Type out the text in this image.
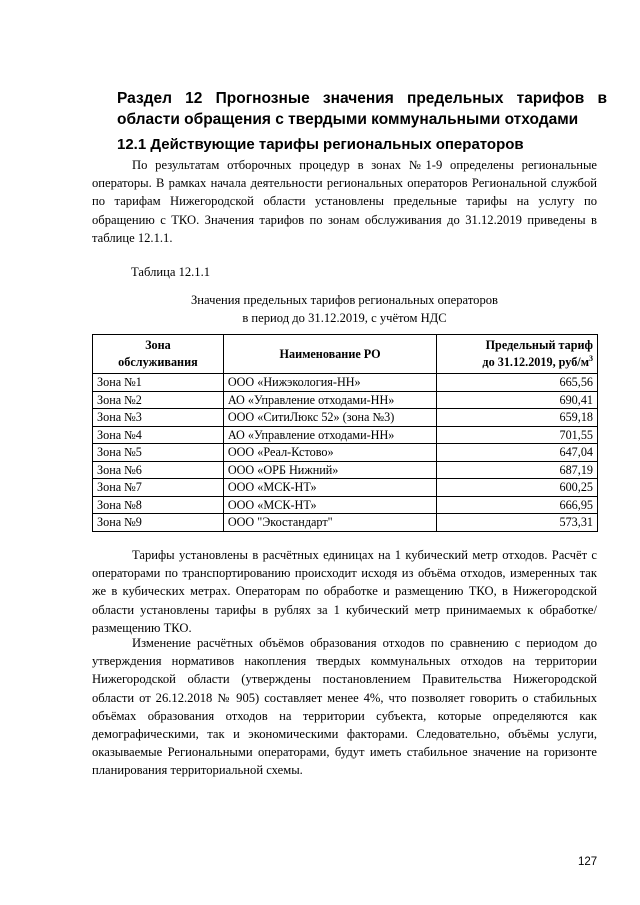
Раздел 12 Прогнозные значения предельных тарифов в области обращения с твердыми коммунальными отходами
12.1 Действующие тарифы региональных операторов

По результатам отборочных процедур в зонах №1-9 определены региональные операторы. В рамках начала деятельности региональных операторов Региональной службой по тарифам Нижегородской области установлены предельные тарифы на услугу по обращению с ТКО. Значения тарифов по зонам обслуживания до 31.12.2019 приведены в таблице 12.1.1.

Таблица 12.1.1
Значения предельных тарифов региональных операторов
в период до 31.12.2019, с учётом НДС
Зона
обслуживания	Наименование РО	Предельный тариф
до 31.12.2019, руб/$м^3$
Зона №1	ООО «Нижэкология-НН»	665,56
Зона №2	АО «Управление отходами-НН»	690,41
Зона №3	ООО «СитиЛюкс 52» (зона №3)	659,18
Зона №4	АО «Управление отходами-НН»	701,55
Зона №5	ООО «Реал-Кстово»	647,04
Зона №6	ООО «ОРБ Нижний»	687,19
Зона №7	ООО «МСК-НТ»	600,25
Зона №8	ООО «МСК-НТ»	666,95
Зона №9	ООО "Экостандарт"	573,31

Тарифы установлены в расчётных единицах на 1 кубический метр отходов. Расчёт с операторами по транспортированию происходит исходя из объёма отходов, измеренных так же в кубических метрах. Операторам по обработке и размещению ТКО, в Нижегородской области установлены тарифы в рублях за 1 кубический метр принимаемых к обработке/размещению ТКО.

Изменение расчётных объёмов образования отходов по сравнению с периодом до утверждения нормативов накопления твердых коммунальных отходов на территории Нижегородской области (утверждены постановлением Правительства Нижегородской области от 26.12.2018 № 905) составляет менее 4%, что позволяет говорить о стабильных объёмах образования отходов на территории субъекта, которые определяются как демографическими, так и экономическими факторами. Следовательно, объёмы услуги, оказываемые Региональными операторами, будут иметь стабильное значение на горизонте планирования территориальной схемы.

127
